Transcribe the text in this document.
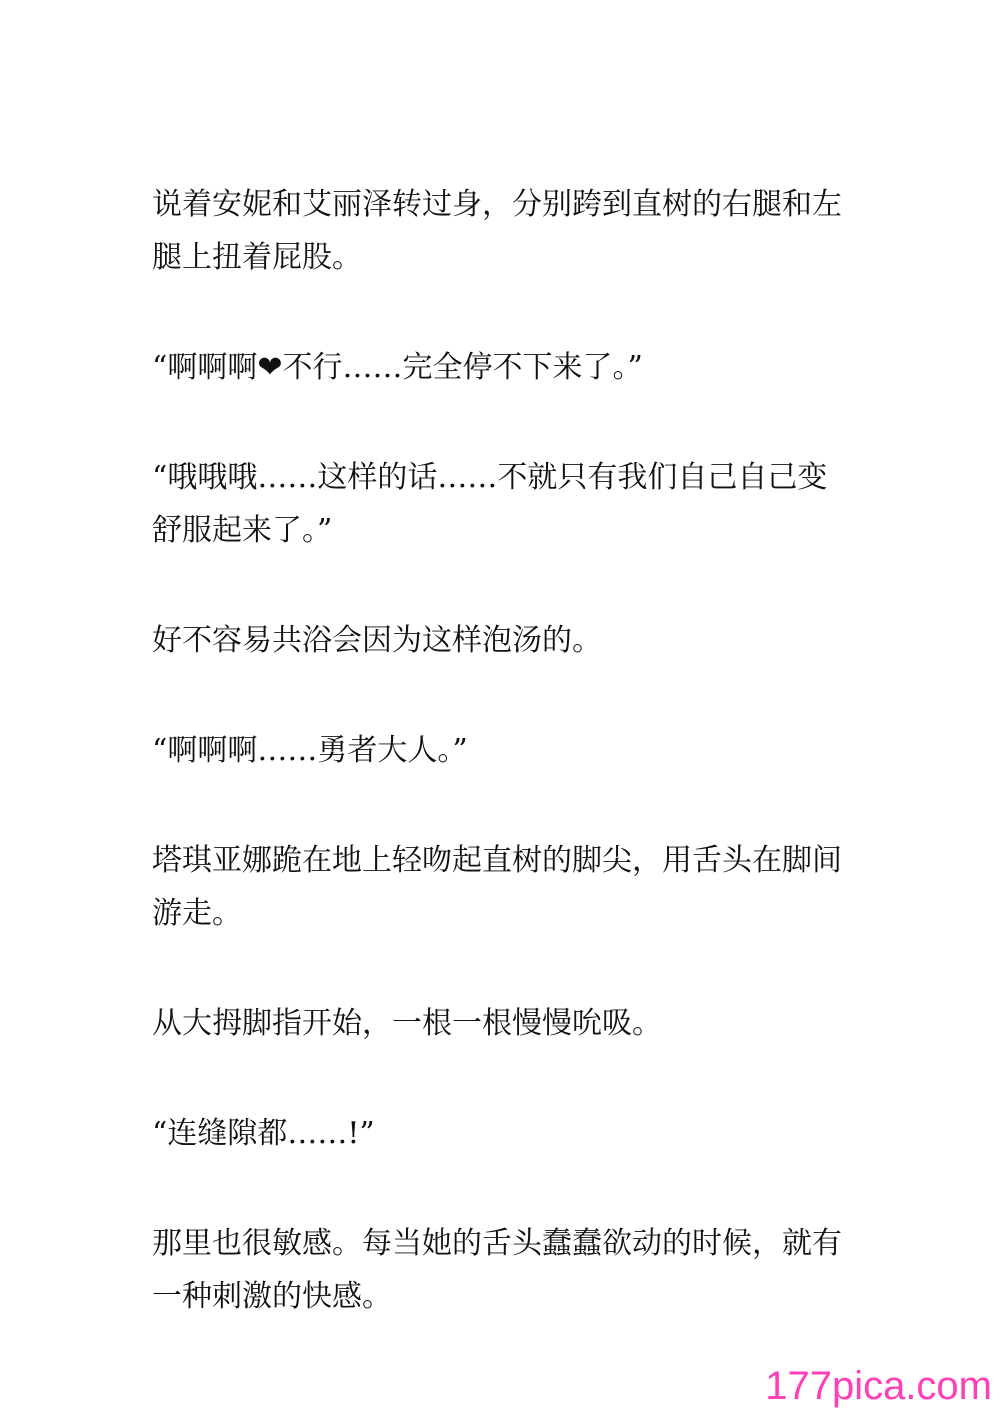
说着安妮和艾丽泽转过身，分别跨到直树的右腿和左腿上扭着屁股。

“啊啊啊❤不行……完全停不下来了。”

“哦哦哦……这样的话……不就只有我们自己自己变舒服起来了。”

好不容易共浴会因为这样泡汤的。

“啊啊啊……勇者大人。”

塔琪亚娜跪在地上轻吻起直树的脚尖，用舌头在脚间游走。

从大拇脚指开始，一根一根慢慢吮吸。

“连缝隙都……!”

那里也很敏感。每当她的舌头蠢蠢欲动的时候，就有一种刺激的快感。

177pica.com
